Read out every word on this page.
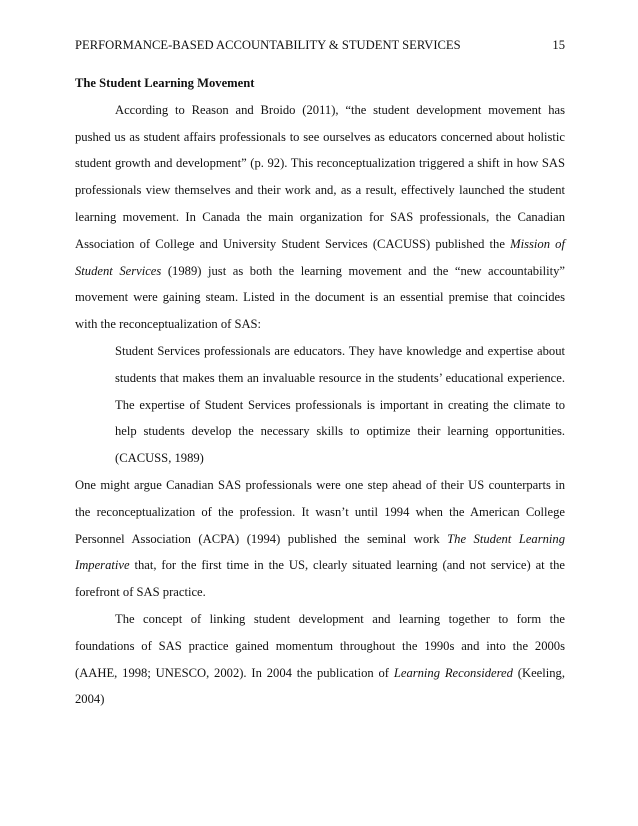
PERFORMANCE-BASED ACCOUNTABILITY & STUDENT SERVICES	15

The Student Learning Movement

According to Reason and Broido (2011), “the student development movement has pushed us as student affairs professionals to see ourselves as educators concerned about holistic student growth and development” (p. 92). This reconceptualization triggered a shift in how SAS professionals view themselves and their work and, as a result, effectively launched the student learning movement. In Canada the main organization for SAS professionals, the Canadian Association of College and University Student Services (CACUSS) published the Mission of Student Services (1989) just as both the learning movement and the “new accountability” movement were gaining steam. Listed in the document is an essential premise that coincides with the reconceptualization of SAS:

Student Services professionals are educators. They have knowledge and expertise about students that makes them an invaluable resource in the students’ educational experience. The expertise of Student Services professionals is important in creating the climate to help students develop the necessary skills to optimize their learning opportunities. (CACUSS, 1989)

One might argue Canadian SAS professionals were one step ahead of their US counterparts in the reconceptualization of the profession. It wasn’t until 1994 when the American College Personnel Association (ACPA) (1994) published the seminal work The Student Learning Imperative that, for the first time in the US, clearly situated learning (and not service) at the forefront of SAS practice.

The concept of linking student development and learning together to form the foundations of SAS practice gained momentum throughout the 1990s and into the 2000s (AAHE, 1998; UNESCO, 2002). In 2004 the publication of Learning Reconsidered (Keeling, 2004)
